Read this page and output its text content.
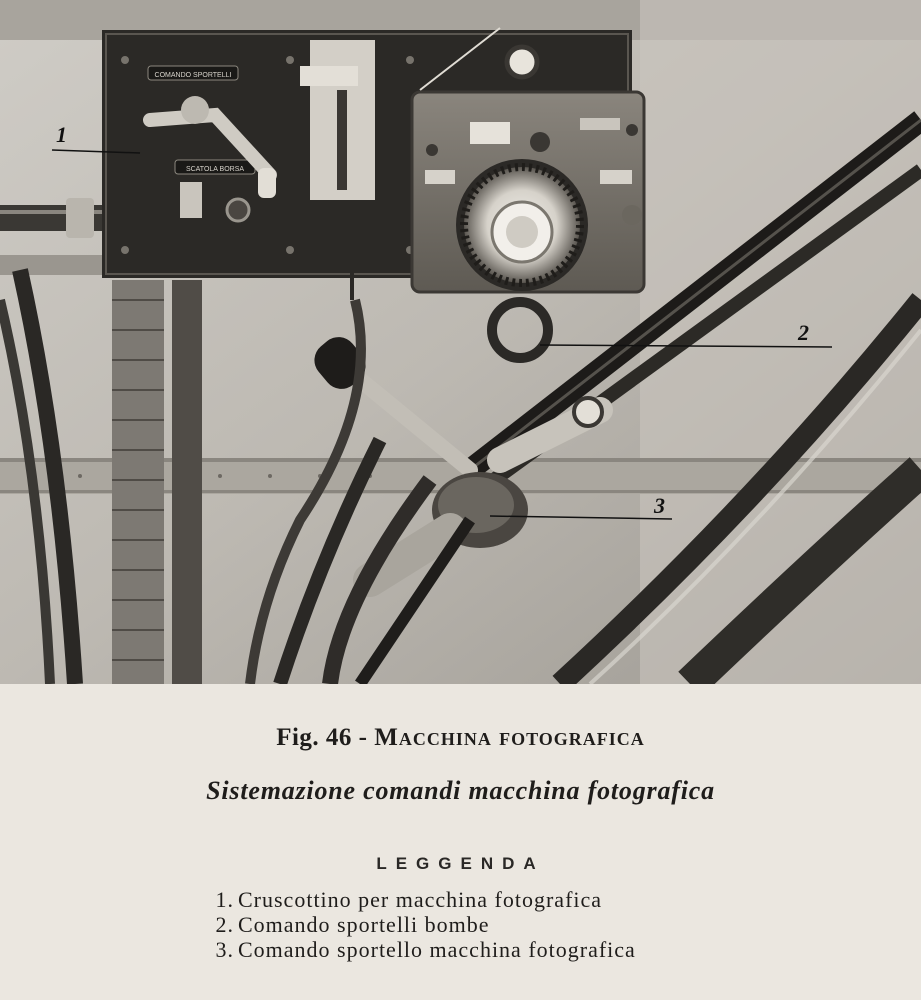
COMANDO SPORTELLI
SCATOLA BORSA
1
2
3
Fig. 46 - Macchina fotografica
Sistemazione comandi macchina fotografica
LEGGENDA
1. Cruscottino per macchina fotografica
2. Comando sportelli bombe
3. Comando sportello macchina fotografica
